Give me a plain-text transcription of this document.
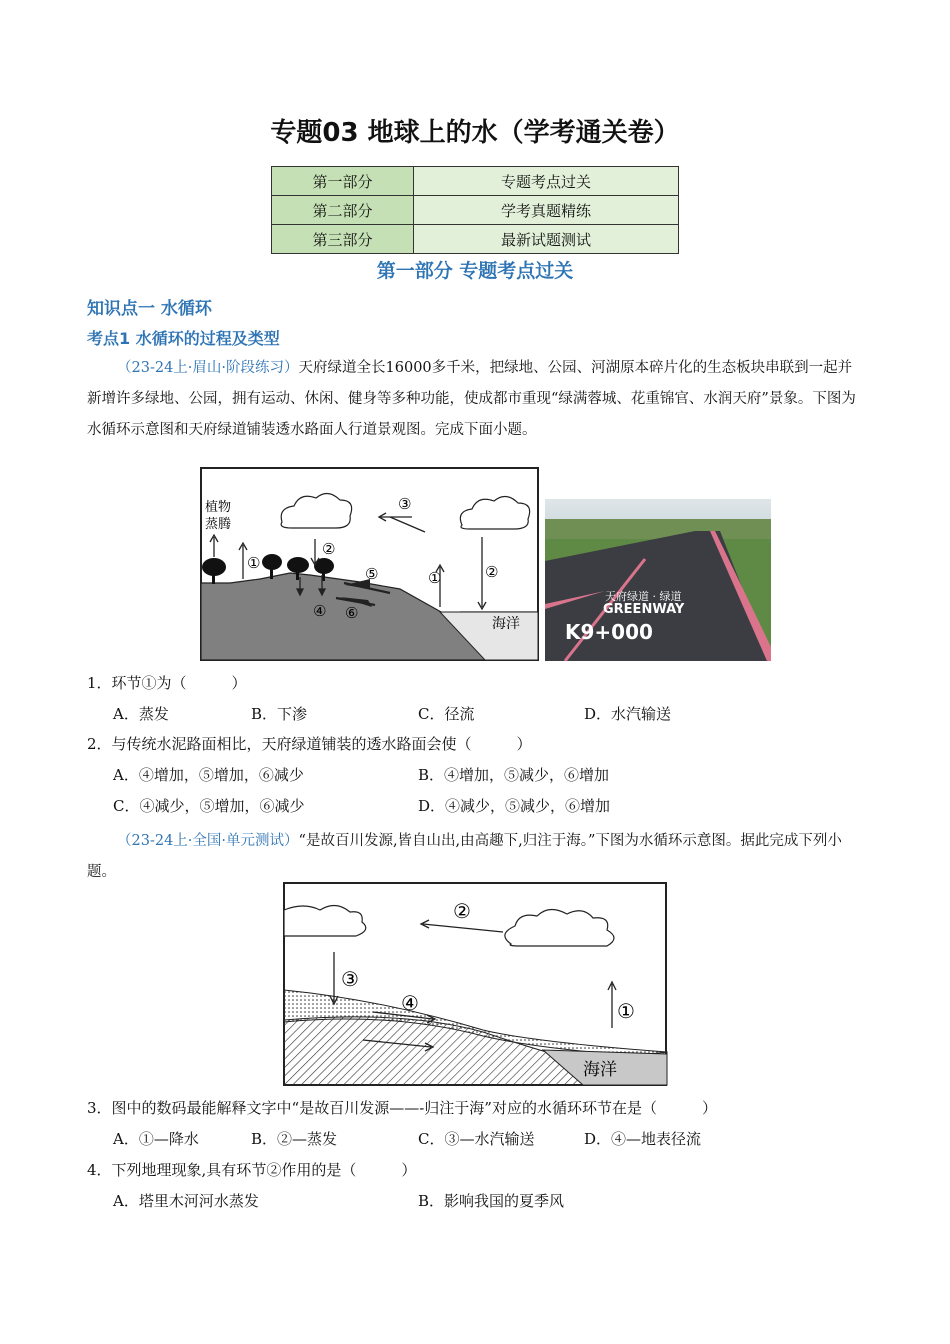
专题03 地球上的水（学考通关卷）
第一部分	专题考点过关
第二部分	学考真题精练
第三部分	最新试题测试
第一部分 专题考点过关
知识点一 水循环
考点1 水循环的过程及类型
（23-24上·眉山·阶段练习）天府绿道全长16000多千米，把绿地、公园、河湖原本碎片化的生态板块串联到一起并新增许多绿地、公园，拥有运动、休闲、健身等多种功能，使成都市重现“绿满蓉城、花重锦官、水润天府”景象。下图为水循环示意图和天府绿道铺装透水路面人行道景观图。完成下面小题。
植物
蒸腾
①
②
③
④
⑤
⑥
①	②
海洋
天府绿道 · 绿道
GREENWAY
K9+000
1．环节①为（　　　）
A．蒸发	B．下渗	C．径流	D．水汽输送
2．与传统水泥路面相比，天府绿道铺装的透水路面会使（　　　）
A．④增加，⑤增加，⑥减少	B．④增加，⑤减少，⑥增加
C．④减少，⑤增加，⑥减少	D．④减少，⑤减少，⑥增加
（23-24上·全国·单元测试）“是故百川发源,皆自山出,由高趣下,归注于海。”下图为水循环示意图。据此完成下列小题。
②
③
④	①
海洋
3．图中的数码最能解释文字中“是故百川发源——-归注于海”对应的水循环环节在是（　　　）
A．①—降水	B．②—蒸发	C．③—水汽输送	D．④—地表径流
4．下列地理现象,具有环节②作用的是（　　　）
A．塔里木河河水蒸发	B．影响我国的夏季风
